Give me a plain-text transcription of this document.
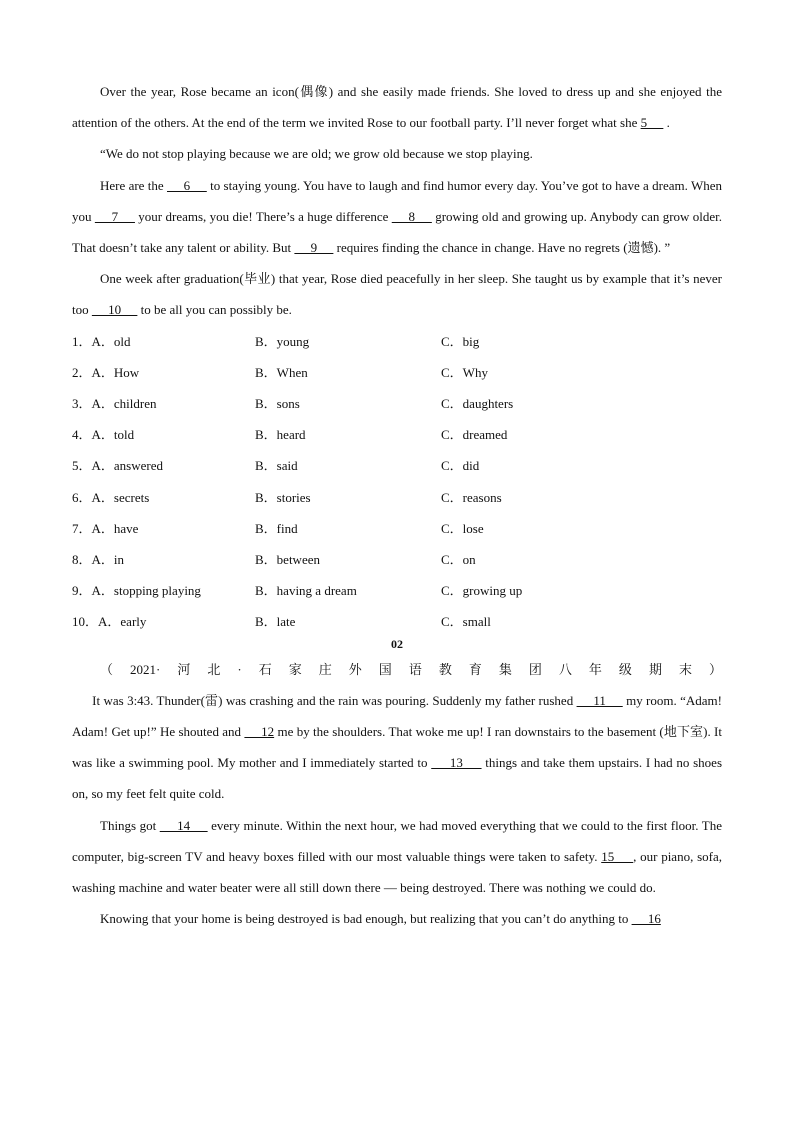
Over the year, Rose became an icon(偶像) and she easily made friends. She loved to dress up and she enjoyed the attention of the others. At the end of the term we invited Rose to our football party. I’ll never forget what she 5      .

“We do not stop playing because we are old; we grow old because we stop playing.

Here are the      6      to staying young. You have to laugh and find humor every day. You’ve got to have a dream. When you      7      your dreams, you die! There’s a huge difference      8      growing old and growing up. Anybody can grow older. That doesn’t take any talent or ability. But      9      requires finding the chance in change. Have no regrets (遗憾). ”

One week after graduation(毕业) that year, Rose died peacefully in her sleep. She taught us by example that it’s never too      10      to be all you can possibly be.

1．A．old	B．young	C．big
2．A．How	B．When	C．Why
3．A．children	B．sons	C．daughters
4．A．told	B．heard	C．dreamed
5．A．answered	B．said	C．did
6．A．secrets	B．stories	C．reasons
7．A．have	B．find	C．lose
8．A．in	B．between	C．on
9．A．stopping playing	B．having a dream	C．growing up
10．A．early	B．late	C．small
02

（2021·河北·石家庄外国语教育集团八年级期末）      It was 3:43. Thunder(雷) was crashing and the rain was pouring. Suddenly my father rushed      11      my room. “Adam! Adam! Get up!” He shouted and      12 me by the shoulders. That woke me up! I ran downstairs to the basement (地下室). It was like a swimming pool. My mother and I immediately started to      13      things and take them upstairs. I had no shoes on, so my feet felt quite cold.

Things got      14      every minute. Within the next hour, we had moved everything that we could to the first floor. The computer, big-screen TV and heavy boxes filled with our most valuable things were taken to safety. 15     , our piano, sofa, washing machine and water beater were all still down there — being destroyed. There was nothing we could do.

Knowing that your home is being destroyed is bad enough, but realizing that you can’t do anything to      16
